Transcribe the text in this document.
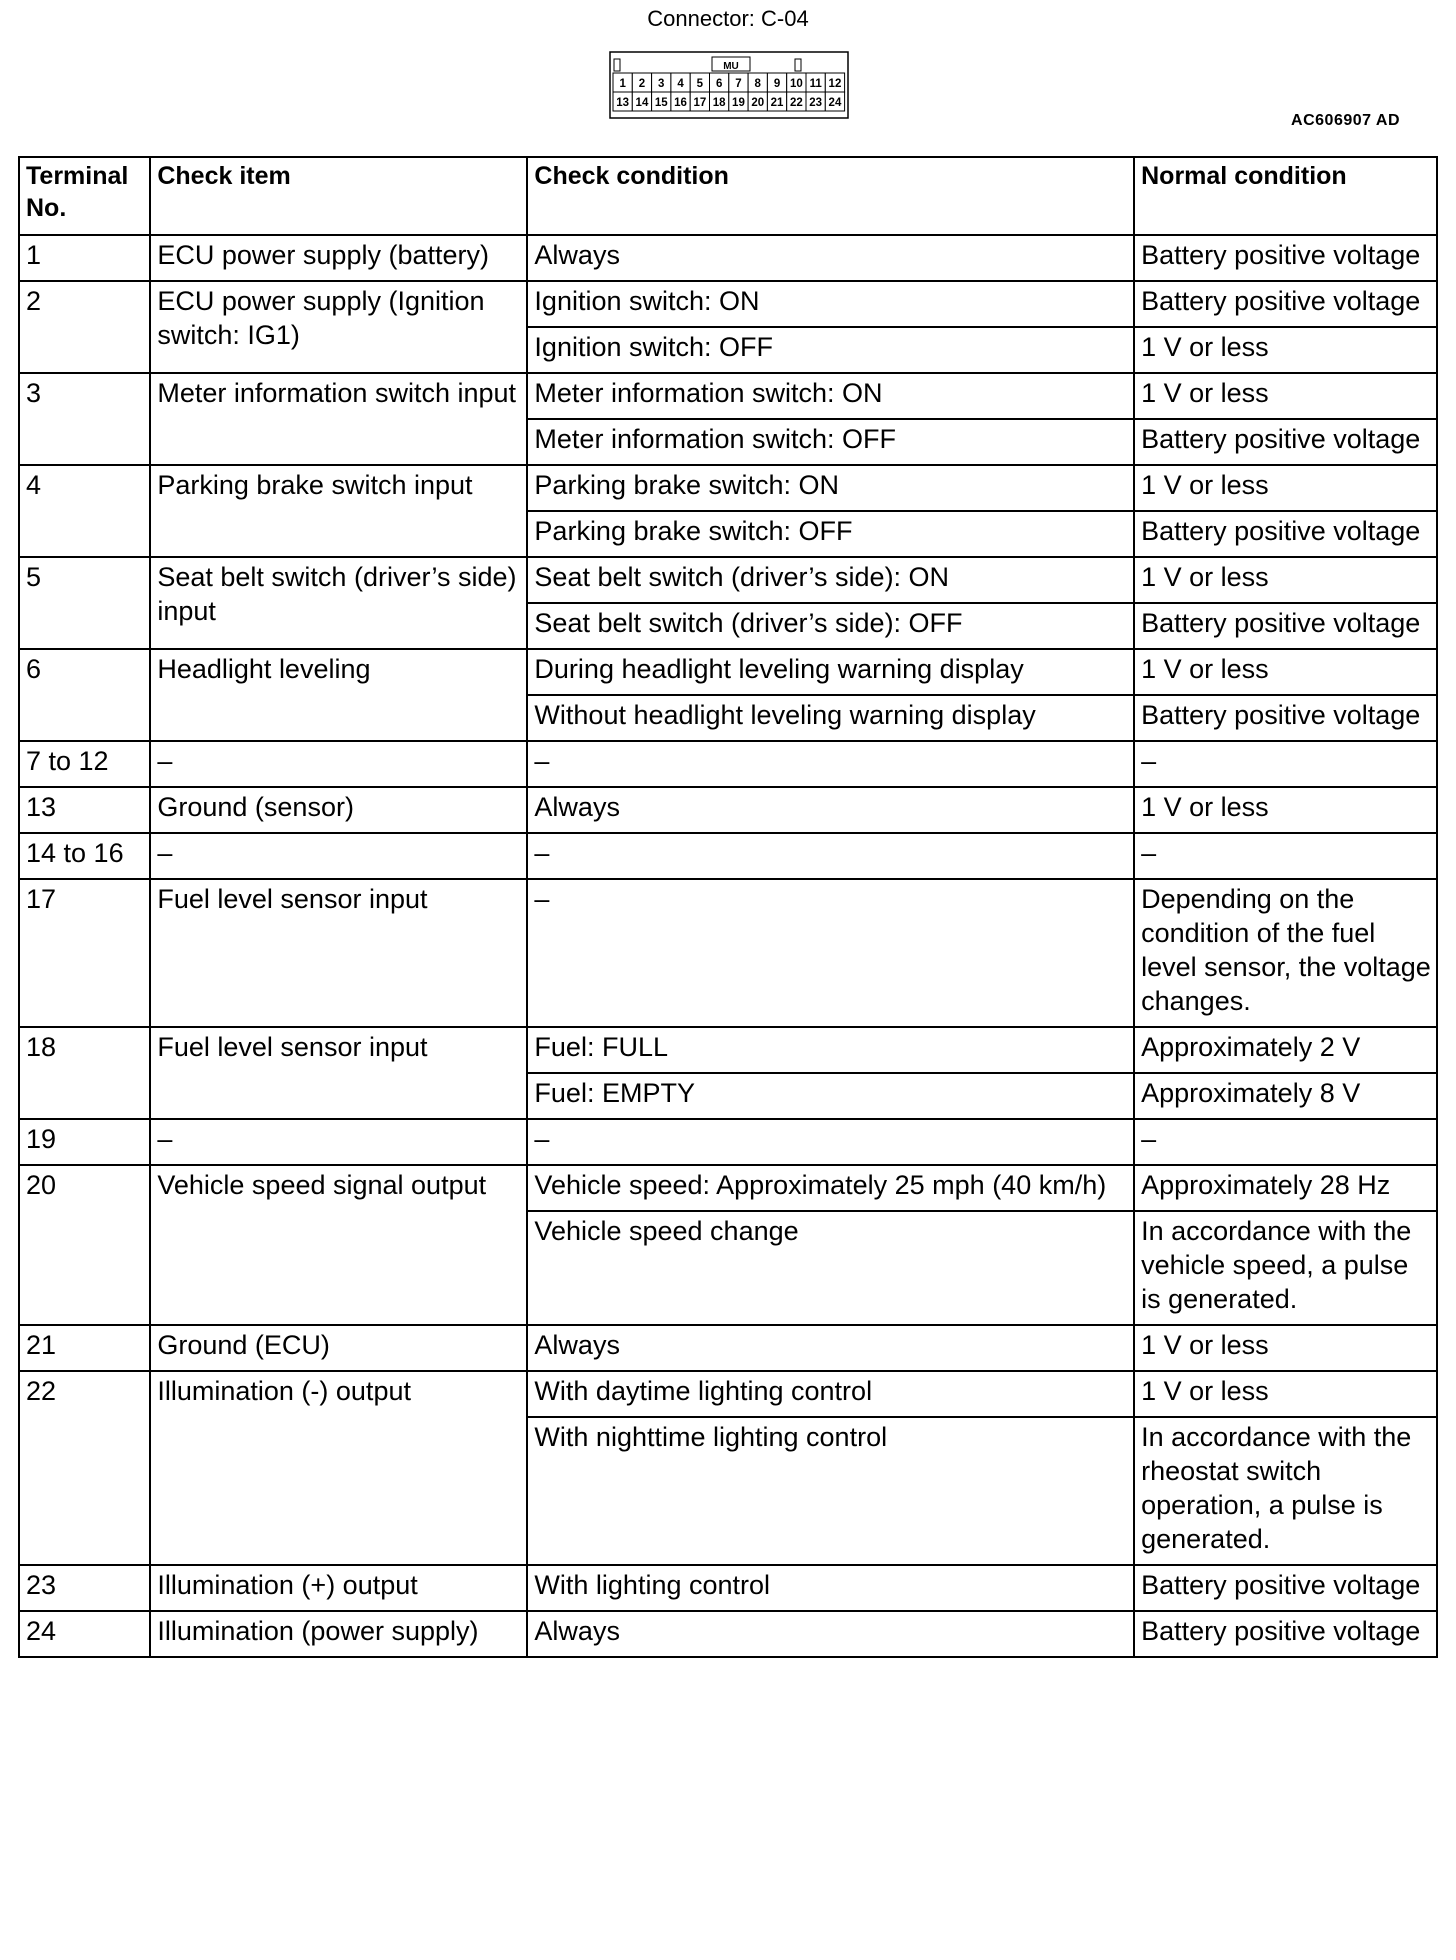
Connector: C-04
MU
1 2 3 4 5 6 7 8 9 10 11 12
13 14 15 16 17 18 19 20 21 22 23 24
AC606907 AD
Terminal No.	Check item	Check condition	Normal condition
1	ECU power supply (battery)	Always	Battery positive voltage
2	ECU power supply (Ignition switch: IG1)	Ignition switch: ON	Battery positive voltage
		Ignition switch: OFF	1 V or less
3	Meter information switch input	Meter information switch: ON	1 V or less
		Meter information switch: OFF	Battery positive voltage
4	Parking brake switch input	Parking brake switch: ON	1 V or less
		Parking brake switch: OFF	Battery positive voltage
5	Seat belt switch (driver’s side) input	Seat belt switch (driver’s side): ON	1 V or less
		Seat belt switch (driver’s side): OFF	Battery positive voltage
6	Headlight leveling	During headlight leveling warning display	1 V or less
		Without headlight leveling warning display	Battery positive voltage
7 to 12	–	–	–
13	Ground (sensor)	Always	1 V or less
14 to 16	–	–	–
17	Fuel level sensor input	–	Depending on the condition of the fuel level sensor, the voltage changes.
18	Fuel level sensor input	Fuel: FULL	Approximately 2 V
		Fuel: EMPTY	Approximately 8 V
19	–	–	–
20	Vehicle speed signal output	Vehicle speed: Approximately 25 mph (40 km/h)	Approximately 28 Hz
		Vehicle speed change	In accordance with the vehicle speed, a pulse is generated.
21	Ground (ECU)	Always	1 V or less
22	Illumination (-) output	With daytime lighting control	1 V or less
		With nighttime lighting control	In accordance with the rheostat switch operation, a pulse is generated.
23	Illumination (+) output	With lighting control	Battery positive voltage
24	Illumination (power supply)	Always	Battery positive voltage
